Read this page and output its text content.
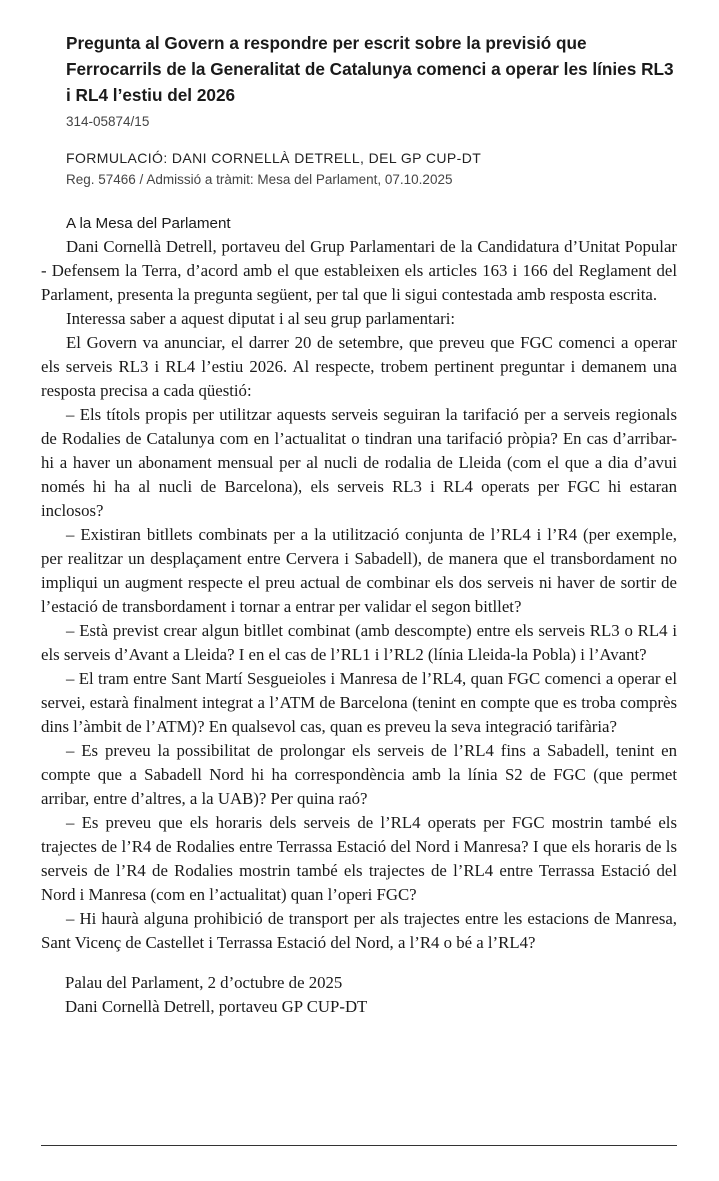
Pregunta al Govern a respondre per escrit sobre la previsió que Ferrocarrils de la Generalitat de Catalunya comenci a operar les línies RL3 i RL4 l’estiu del 2026
314-05874/15
FORMULACIÓ: DANI CORNELLÀ DETRELL, DEL GP CUP-DT
Reg. 57466 / Admissió a tràmit: Mesa del Parlament, 07.10.2025
A la Mesa del Parlament

Dani Cornellà Detrell, portaveu del Grup Parlamentari de la Candidatura d’Unitat Popular - Defensem la Terra, d’acord amb el que estableixen els articles 163 i 166 del Reglament del Parlament, presenta la pregunta següent, per tal que li sigui contestada amb resposta escrita.

Interessa saber a aquest diputat i al seu grup parlamentari:

El Govern va anunciar, el darrer 20 de setembre, que preveu que FGC comenci a operar els serveis RL3 i RL4 l’estiu 2026. Al respecte, trobem pertinent preguntar i demanem una resposta precisa a cada qüestió:

– Els títols propis per utilitzar aquests serveis seguiran la tarifació per a serveis regionals de Rodalies de Catalunya com en l’actualitat o tindran una tarifació pròpia? En cas d’arribar-hi a haver un abonament mensual per al nucli de rodalia de Lleida (com el que a dia d’avui només hi ha al nucli de Barcelona), els serveis RL3 i RL4 operats per FGC hi estaran inclosos?

– Existiran bitllets combinats per a la utilització conjunta de l’RL4 i l’R4 (per exemple, per realitzar un desplaçament entre Cervera i Sabadell), de manera que el transbordament no impliqui un augment respecte el preu actual de combinar els dos serveis ni haver de sortir de l’estació de transbordament i tornar a entrar per validar el segon bitllet?

– Està previst crear algun bitllet combinat (amb descompte) entre els serveis RL3 o RL4 i els serveis d’Avant a Lleida? I en el cas de l’RL1 i l’RL2 (línia Lleida-la Pobla) i l’Avant?

– El tram entre Sant Martí Sesgueioles i Manresa de l’RL4, quan FGC comenci a operar el servei, estarà finalment integrat a l’ATM de Barcelona (tenint en compte que es troba comprès dins l’àmbit de l’ATM)? En qualsevol cas, quan es preveu la seva integració tarifària?

– Es preveu la possibilitat de prolongar els serveis de l’RL4 fins a Sabadell, tenint en compte que a Sabadell Nord hi ha correspondència amb la línia S2 de FGC (que permet arribar, entre d’altres, a la UAB)? Per quina raó?

– Es preveu que els horaris dels serveis de l’RL4 operats per FGC mostrin també els trajectes de l’R4 de Rodalies entre Terrassa Estació del Nord i Manresa? I que els horaris de ls serveis de l’R4 de Rodalies mostrin també els trajectes de l’RL4 entre Terrassa Estació del Nord i Manresa (com en l’actualitat) quan l’operi FGC?

– Hi haurà alguna prohibició de transport per als trajectes entre les estacions de Manresa, Sant Vicenç de Castellet i Terrassa Estació del Nord, a l’R4 o bé a l’RL4?

Palau del Parlament, 2 d’octubre de 2025
Dani Cornellà Detrell, portaveu GP CUP-DT
